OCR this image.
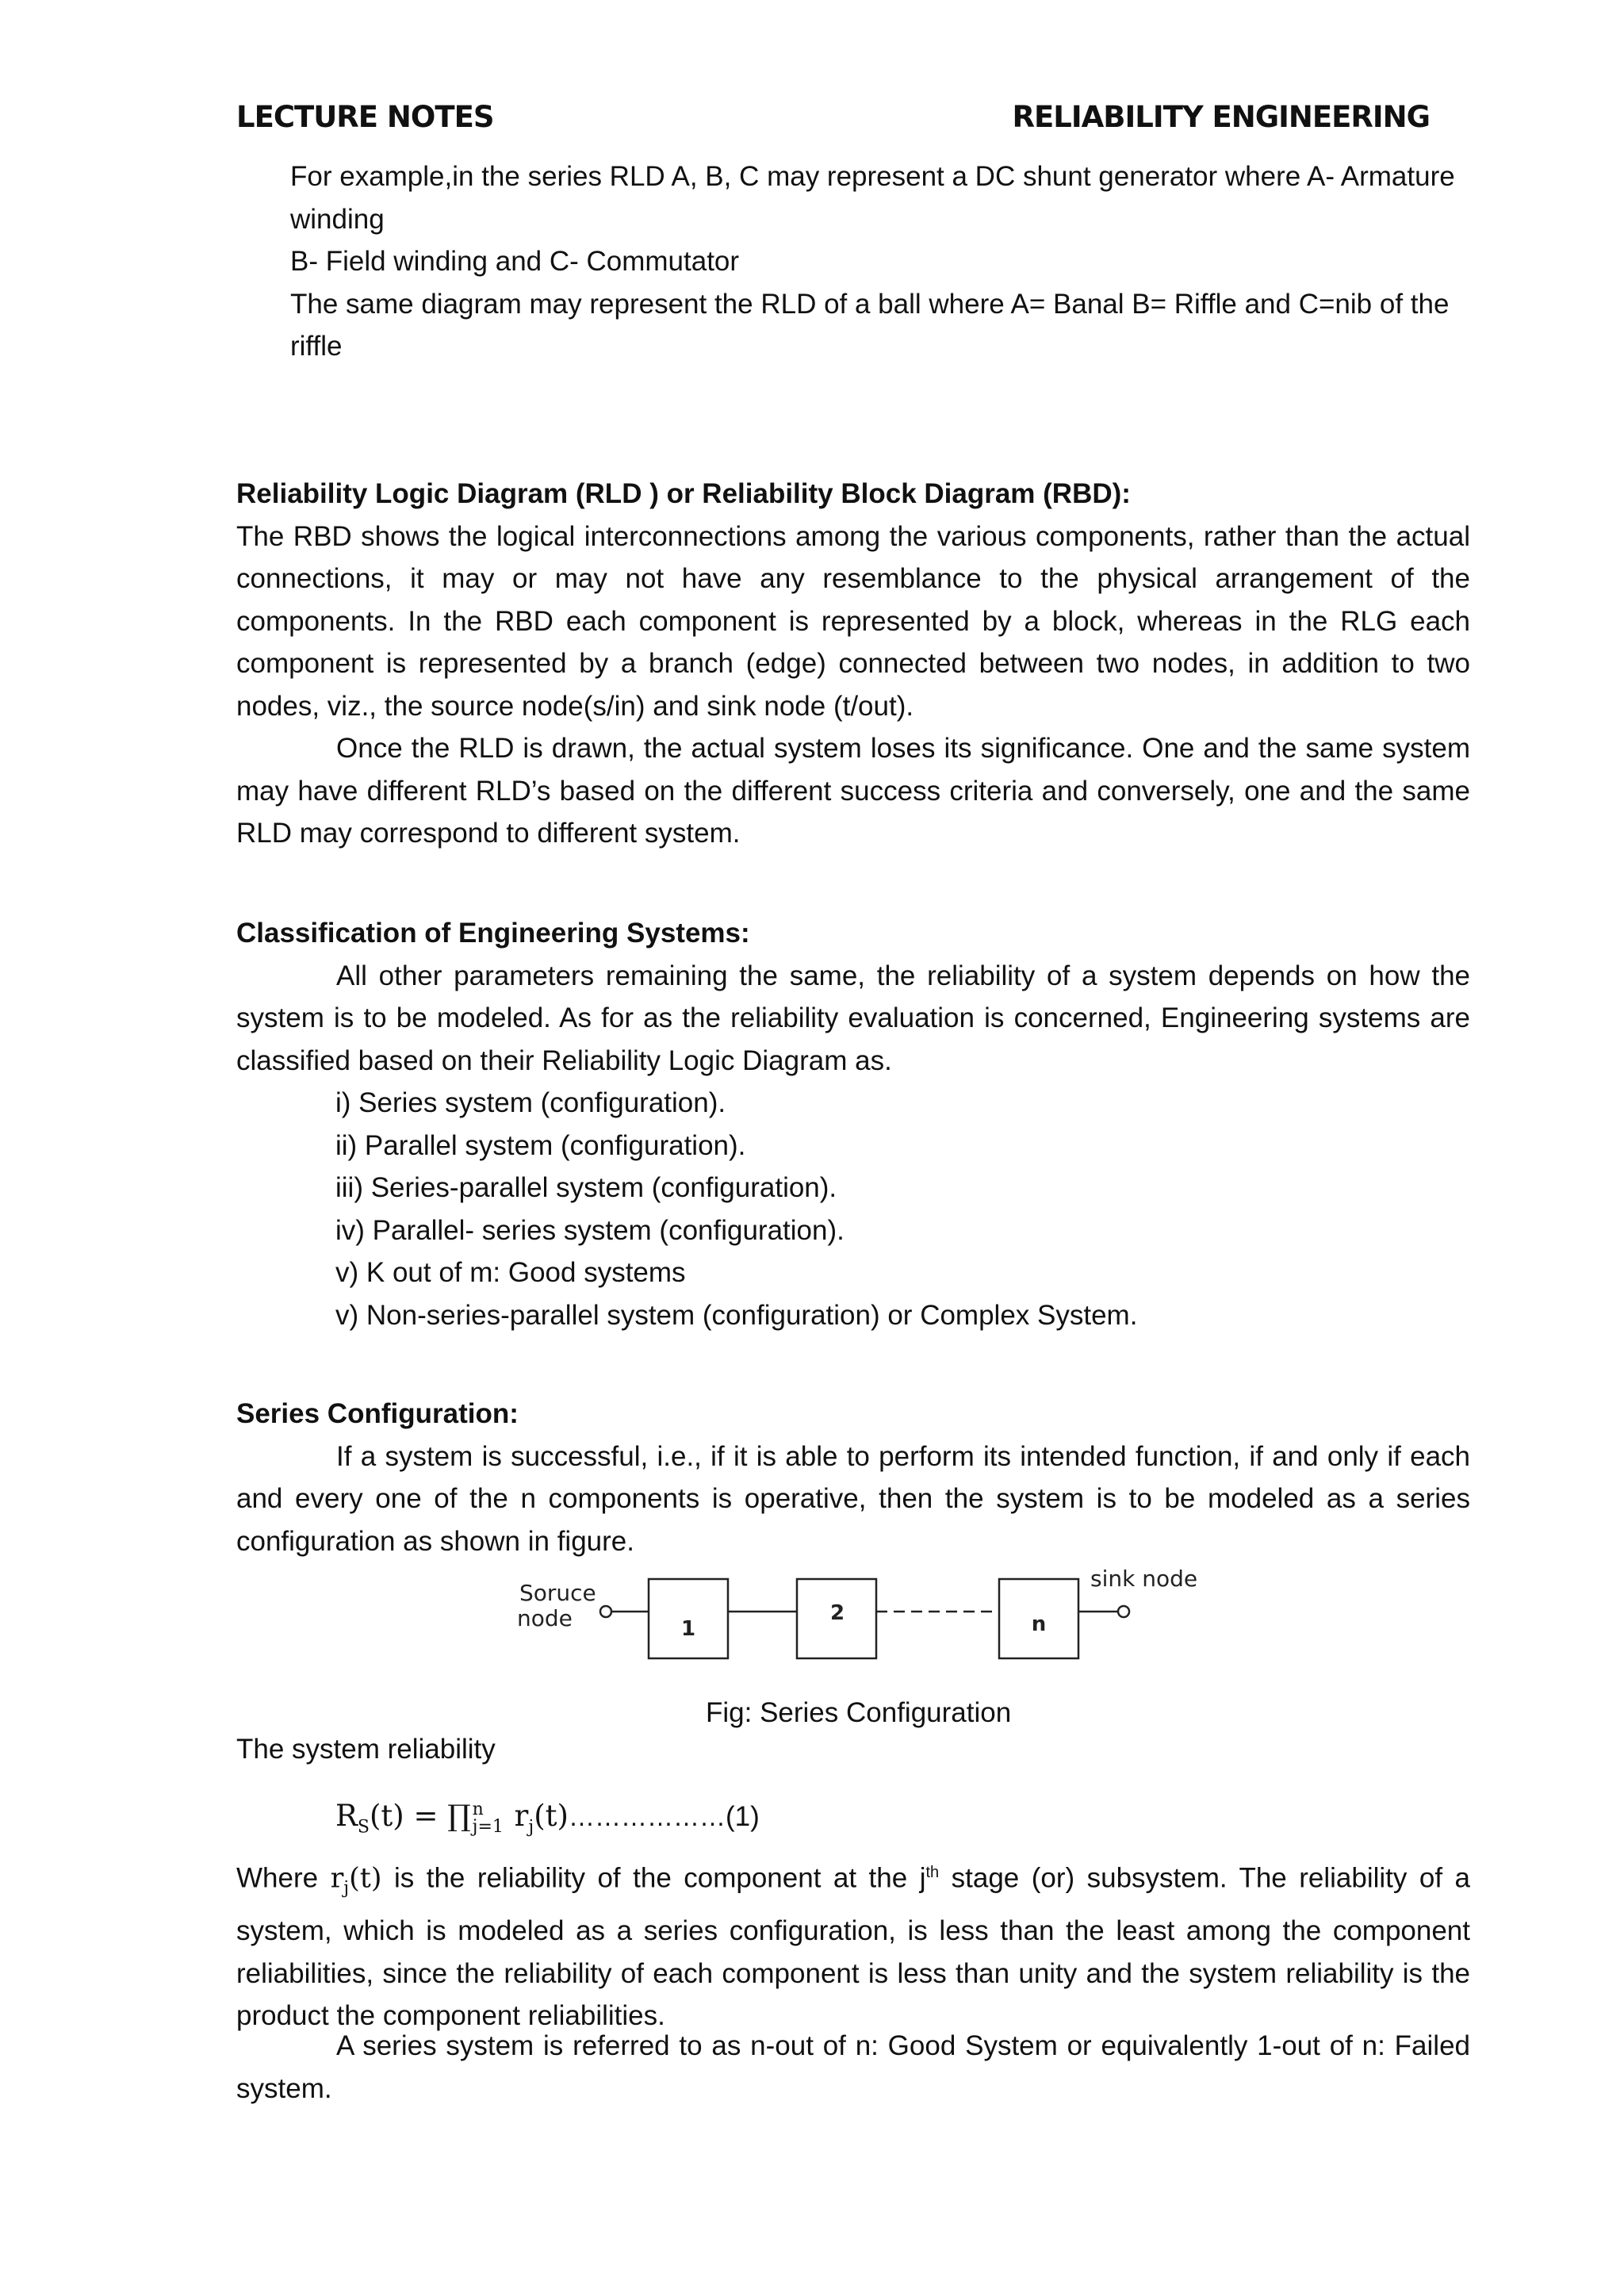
LECTURE NOTES	RELIABILITY ENGINEERING
For example,in the series RLD A, B, C may represent a DC shunt generator where A- Armature
winding
B- Field winding and C- Commutator
The same diagram may represent the RLD of a ball where A= Banal B= Riffle and C=nib of the
riffle

Reliability Logic Diagram (RLD ) or Reliability Block Diagram (RBD):

The RBD shows the logical interconnections among the various components, rather than the actual connections, it may or may not have any resemblance to the physical arrangement of the components. In the RBD each component is represented by a block, whereas in the RLG each component is represented by a branch (edge) connected between two nodes, in addition to two nodes, viz., the source node(s/in) and sink node (t/out).

Once the RLD is drawn, the actual system loses its significance. One and the same system may have different RLD’s based on the different success criteria and conversely, one and the same RLD may correspond to different system.

Classification of Engineering Systems:

All other parameters remaining the same, the reliability of a system depends on how the system is to be modeled. As for as the reliability evaluation is concerned, Engineering systems are classified based on their Reliability Logic Diagram as.

i) Series system (configuration).
ii) Parallel system (configuration).
iii) Series-parallel system (configuration).
iv) Parallel- series system (configuration).
v) K out of m: Good systems
v) Non-series-parallel system (configuration) or Complex System.

Series Configuration:

If a system is successful, i.e., if it is able to perform its intended function, if and only if each and every one of the n components is operative, then the system is to be modeled as a series configuration as shown in figure.

Soruce
node	1
2	n
sink node
Fig: Series Configuration
The system reliability
$R_S(t)$ = ∏ n
j=1 $r_j(t)\dots\dots\dots\dots\dots\dots(1)$
Where $r_j(t)$ is the reliability of the component at the $j^{th}$ stage (or) subsystem. The reliability of a system, which is modeled as a series configuration, is less than the least among the component reliabilities, since the reliability of each component is less than unity and the system reliability is the product the component reliabilities.
A series system is referred to as n-out of n: Good System or equivalently 1-out of n: Failed system.
